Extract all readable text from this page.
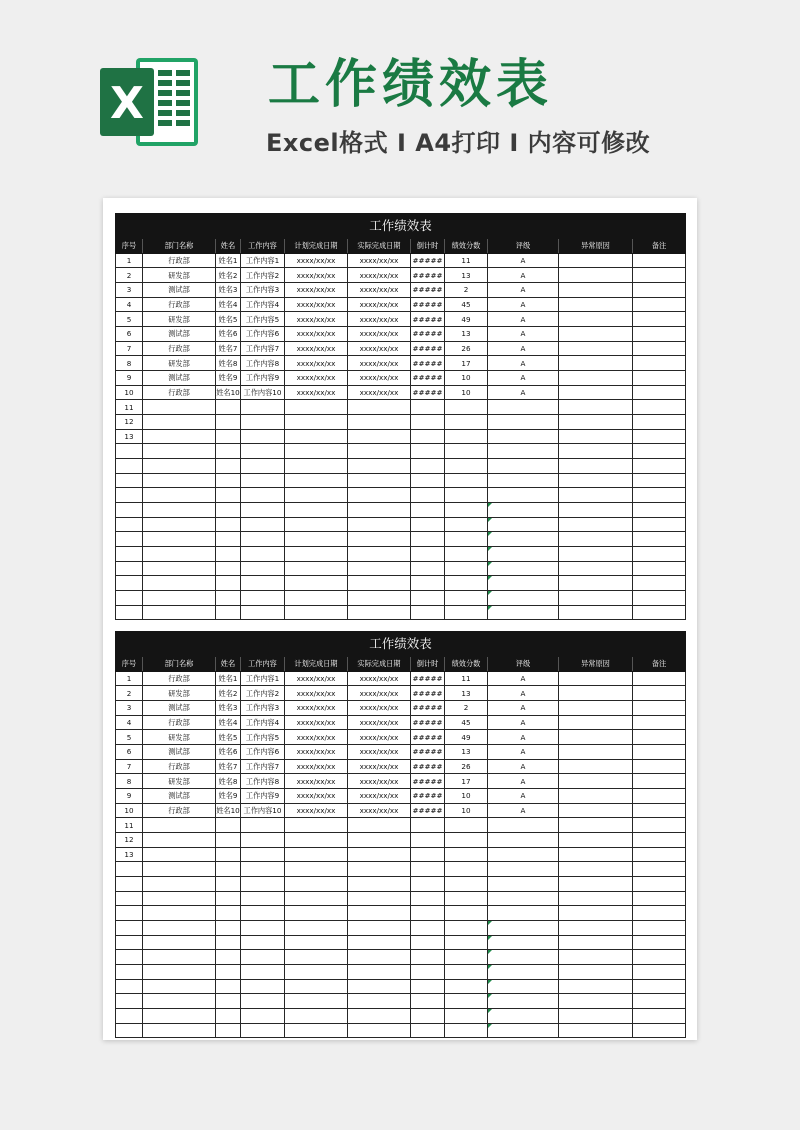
X 工作绩效表

Excel格式 I A4打印 I 内容可修改

工作绩效表										
序号	部门名称	姓名	工作内容	计划完成日期	实际完成日期	倒计时	绩效分数	评级	异常原因	备注
1	行政部	姓名1	工作内容1	xxxx/xx/xx	xxxx/xx/xx	#####	11	A		
2	研发部	姓名2	工作内容2	xxxx/xx/xx	xxxx/xx/xx	#####	13	A		
3	测试部	姓名3	工作内容3	xxxx/xx/xx	xxxx/xx/xx	#####	2	A		
4	行政部	姓名4	工作内容4	xxxx/xx/xx	xxxx/xx/xx	#####	45	A		
5	研发部	姓名5	工作内容5	xxxx/xx/xx	xxxx/xx/xx	#####	49	A		
6	测试部	姓名6	工作内容6	xxxx/xx/xx	xxxx/xx/xx	#####	13	A		
7	行政部	姓名7	工作内容7	xxxx/xx/xx	xxxx/xx/xx	#####	26	A		
8	研发部	姓名8	工作内容8	xxxx/xx/xx	xxxx/xx/xx	#####	17	A		
9	测试部	姓名9	工作内容9	xxxx/xx/xx	xxxx/xx/xx	#####	10	A		
10	行政部	姓名10	工作内容10	xxxx/xx/xx	xxxx/xx/xx	#####	10	A		
11										
12										
13										

工作绩效表										
序号	部门名称	姓名	工作内容	计划完成日期	实际完成日期	倒计时	绩效分数	评级	异常原因	备注
1	行政部	姓名1	工作内容1	xxxx/xx/xx	xxxx/xx/xx	#####	11	A		
2	研发部	姓名2	工作内容2	xxxx/xx/xx	xxxx/xx/xx	#####	13	A		
3	测试部	姓名3	工作内容3	xxxx/xx/xx	xxxx/xx/xx	#####	2	A		
4	行政部	姓名4	工作内容4	xxxx/xx/xx	xxxx/xx/xx	#####	45	A		
5	研发部	姓名5	工作内容5	xxxx/xx/xx	xxxx/xx/xx	#####	49	A		
6	测试部	姓名6	工作内容6	xxxx/xx/xx	xxxx/xx/xx	#####	13	A		
7	行政部	姓名7	工作内容7	xxxx/xx/xx	xxxx/xx/xx	#####	26	A		
8	研发部	姓名8	工作内容8	xxxx/xx/xx	xxxx/xx/xx	#####	17	A		
9	测试部	姓名9	工作内容9	xxxx/xx/xx	xxxx/xx/xx	#####	10	A		
10	行政部	姓名10	工作内容10	xxxx/xx/xx	xxxx/xx/xx	#####	10	A		
11										
12										
13										
